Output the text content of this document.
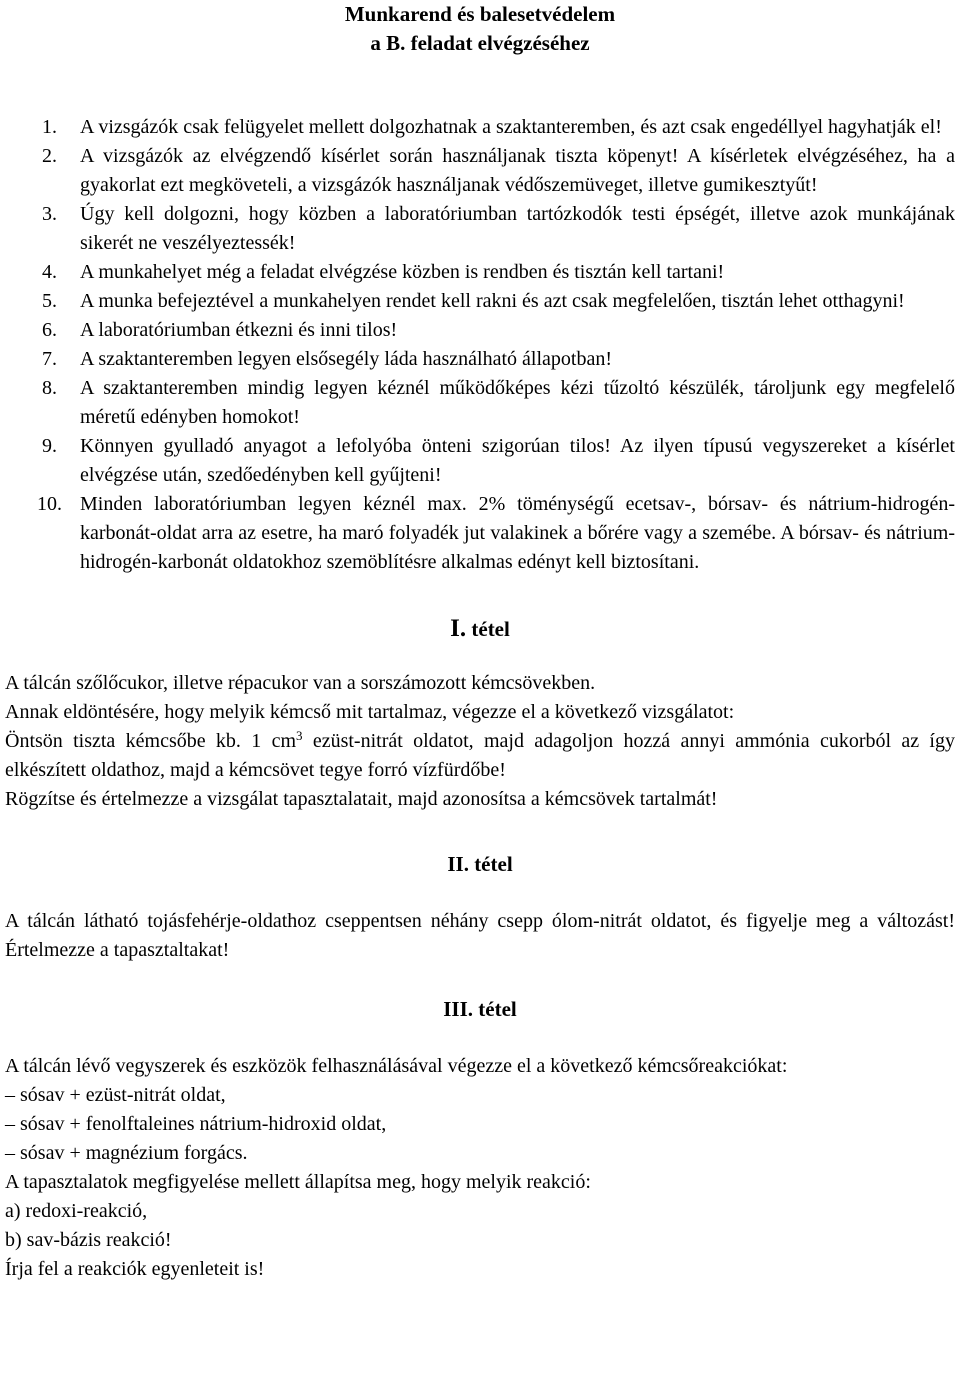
Munkarend és balesetvédelem

a B. feladat elvégzéséhez

1. A vizsgázók csak felügyelet mellett dolgozhatnak a szaktanteremben, és azt csak engedéllyel hagyhatják el!
2. A vizsgázók az elvégzendő kísérlet során használjanak tiszta köpenyt! A kísérletek elvégzéséhez, ha a gyakorlat ezt megköveteli, a vizsgázók használjanak védőszemüveget, illetve gumikesztyűt!
3. Úgy kell dolgozni, hogy közben a laboratóriumban tartózkodók testi épségét, illetve azok munkájának sikerét ne veszélyeztessék!
4. A munkahelyet még a feladat elvégzése közben is rendben és tisztán kell tartani!
5. A munka befejeztével a munkahelyen rendet kell rakni és azt csak megfelelően, tisztán lehet otthagyni!
6. A laboratóriumban étkezni és inni tilos!
7. A szaktanteremben legyen elsősegély láda használható állapotban!
8. A szaktanteremben mindig legyen kéznél működőképes kézi tűzoltó készülék, tároljunk egy megfelelő méretű edényben homokot!
9. Könnyen gyulladó anyagot a lefolyóba önteni szigorúan tilos! Az ilyen típusú vegyszereket a kísérlet elvégzése után, szedőedényben kell gyűjteni!
10. Minden laboratóriumban legyen kéznél max. 2% töménységű ecetsav-, bórsav- és nátrium-hidrogén-karbonát-oldat arra az esetre, ha maró folyadék jut valakinek a bőrére vagy a szemébe. A bórsav- és nátrium-hidrogén-karbonát oldatokhoz szemöblítésre alkalmas edényt kell biztosítani.

I. tétel

A tálcán szőlőcukor, illetve répacukor van a sorszámozott kémcsövekben.

Annak eldöntésére, hogy melyik kémcső mit tartalmaz, végezze el a következő vizsgálatot:

Öntsön tiszta kémcsőbe kb. 1 $cm^3$ ezüst-nitrát oldatot, majd adagoljon hozzá annyi ammónia cukorból az így elkészített oldathoz, majd a kémcsövet tegye forró vízfürdőbe!

Rögzítse és értelmezze a vizsgálat tapasztalatait, majd azonosítsa a kémcsövek tartalmát!

II. tétel

A tálcán látható tojásfehérje-oldathoz cseppentsen néhány csepp ólom-nitrát oldatot, és figyelje meg a változást! Értelmezze a tapasztaltakat!

III. tétel

A tálcán lévő vegyszerek és eszközök felhasználásával végezze el a következő kémcsőreakciókat:

– sósav + ezüst-nitrát oldat,

– sósav + fenolftaleines nátrium-hidroxid oldat,

– sósav + magnézium forgács.

A tapasztalatok megfigyelése mellett állapítsa meg, hogy melyik reakció:

a) redoxi-reakció,

b) sav-bázis reakció!

Írja fel a reakciók egyenleteit is!
